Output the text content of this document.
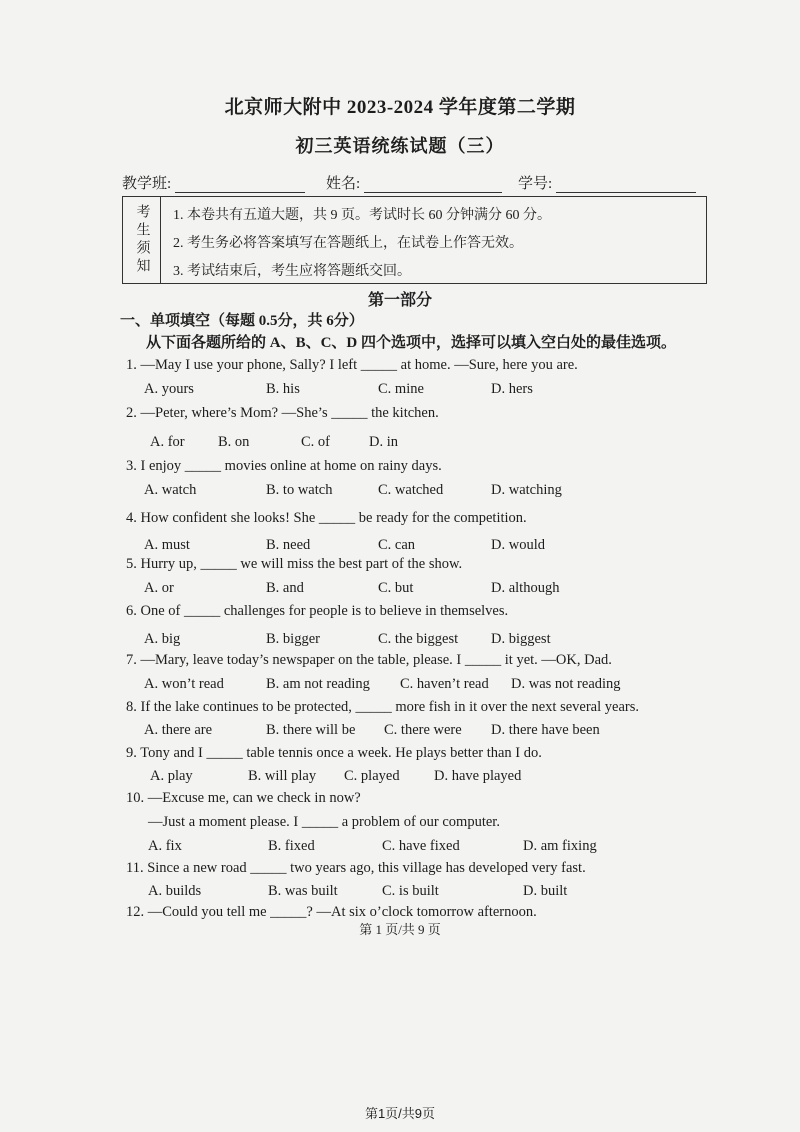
北京师大附中 2023-2024 学年度第二学期
初三英语统练试题（三）
教学班:	姓名:	学号:
考生须知 1. 本卷共有五道大题，共 9 页。考试时长 60 分钟满分 60 分。
2. 考生务必将答案填写在答题纸上，在试卷上作答无效。
3. 考试结束后，考生应将答题纸交回。
第一部分
一、单项填空（每题 0.5分，共 6分）
从下面各题所给的 A、B、C、D 四个选项中，选择可以填入空白处的最佳选项。
1. —May I use your phone, Sally? I left _____ at home. —Sure, here you are.
A. yours	B. his	C. mine	D. hers
2. —Peter, where’s Mom? —She’s _____ the kitchen.
A. for B. on	C. of	D. in
3. I enjoy _____ movies online at home on rainy days.
A. watch	B. to watch	C. watched	D. watching
4. How confident she looks! She _____ be ready for the competition.
A. must	B. need	C. can	D. would
5. Hurry up, _____ we will miss the best part of the show.
A. or	B. and	C. but	D. although
6. One of _____ challenges for people is to believe in themselves.
A. big	B. bigger	C. the biggest D. biggest
7. —Mary, leave today’s newspaper on the table, please. I _____ it yet. —OK, Dad.
A. won’t read	B. am not reading C. haven’t read D. was not reading
8. If the lake continues to be protected, _____ more fish in it over the next several years.
A. there are	B. there will be C. there were D. there have been
9. Tony and I _____ table tennis once a week. He plays better than I do.
A. play	B. will play C. played D. have played
10. —Excuse me, can we check in now?
—Just a moment please. I _____ a problem of our computer.
A. fix	B. fixed	C. have fixed	D. am fixing
11. Since a new road _____ two years ago, this village has developed very fast.
A. builds	B. was built	C. is built	D. built
12. —Could you tell me _____? —At six o’clock tomorrow afternoon.
第 1 页/共 9 页
第1页/共9页
